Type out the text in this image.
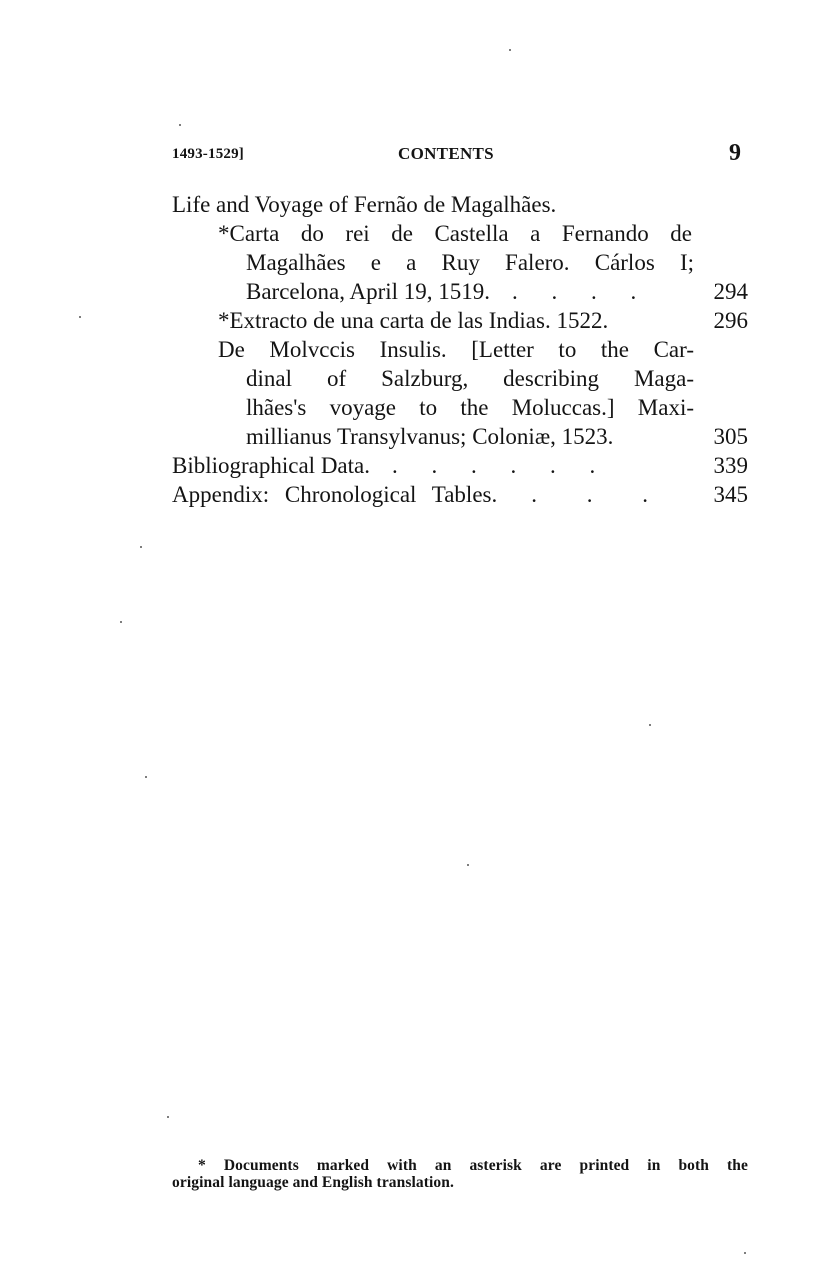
1493-1529]	CONTENTS	9
Life and Voyage of Fernão de Magalhães.
*Carta do rei de Castella a Fernando de
Magalhães e a Ruy Falero. Cárlos I;
Barcelona, April 19, 1519. . . . .	294
*Extracto de una carta de las Indias. 1522.	296
De Molvccis Insulis. [Letter to the Car-
dinal of Salzburg, describing Maga-
lhães's voyage to the Moluccas.] Maxi-
millianus Transylvanus; Coloniæ, 1523.	305
Bibliographical Data. . . . . . .	339
Appendix: Chronological Tables. . . . 345
* Documents marked with an asterisk are printed in both the
original language and English translation.
